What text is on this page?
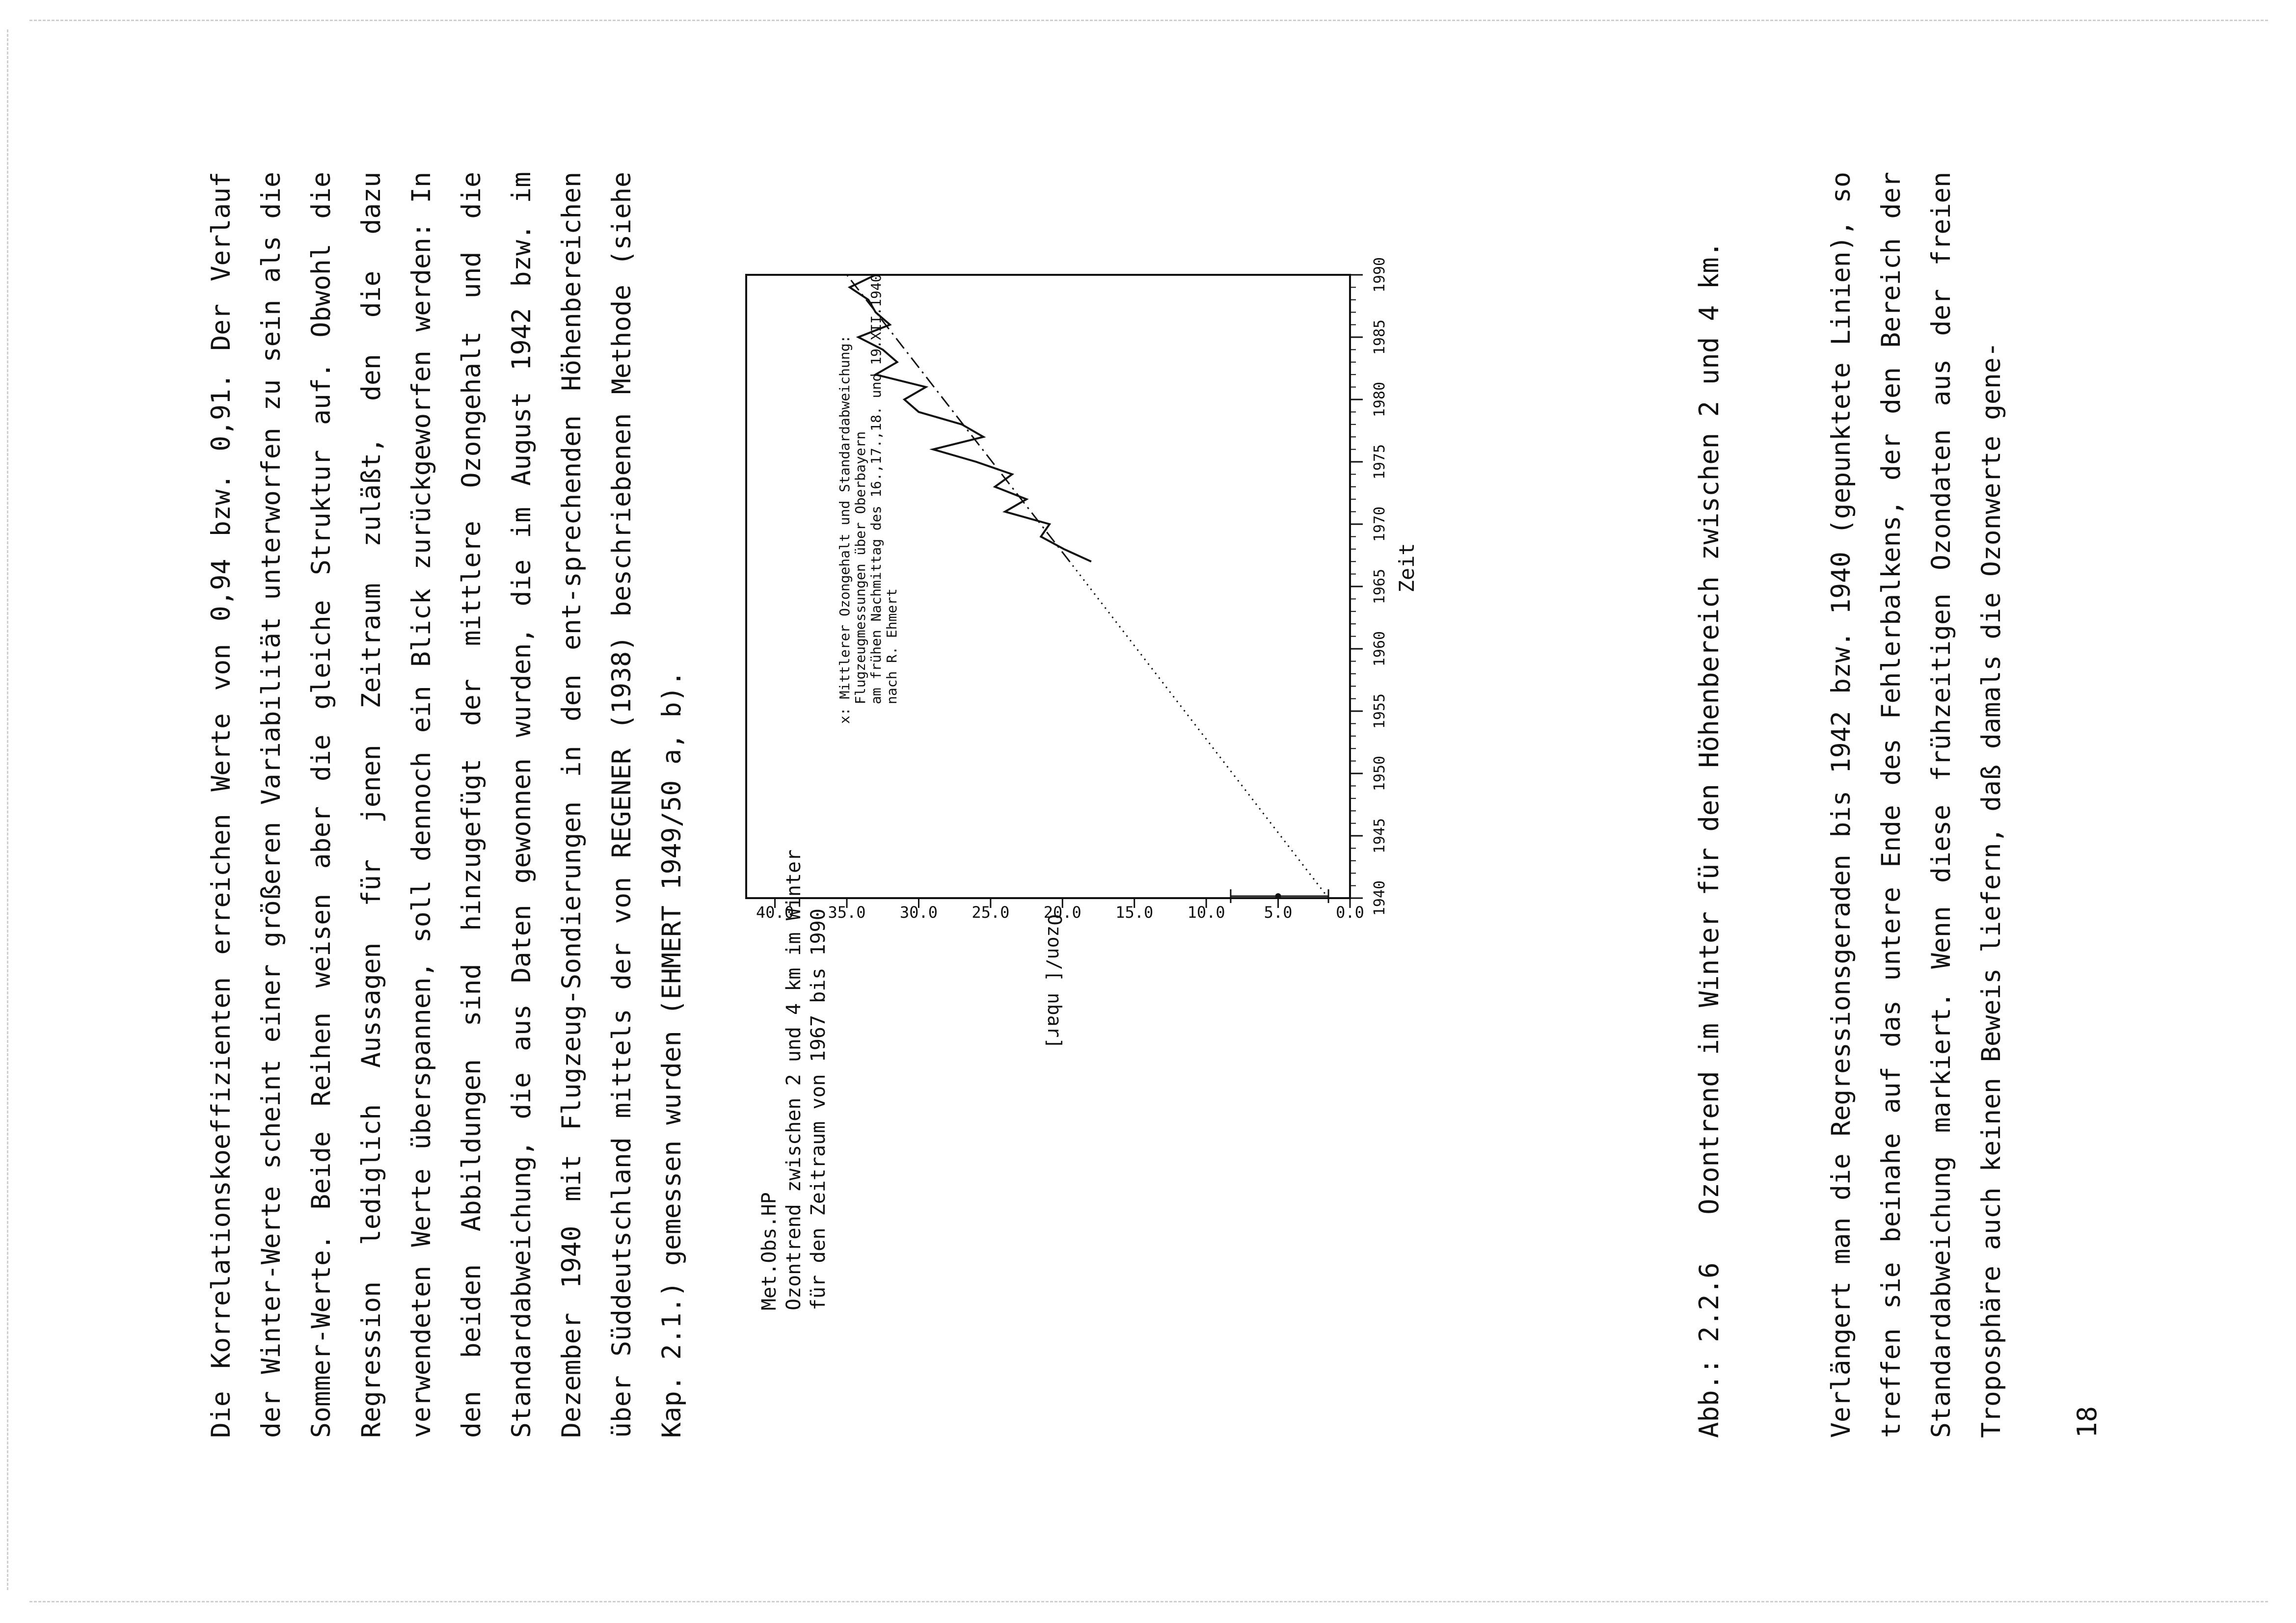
Die Korrelationskoeffizienten erreichen Werte von 0,94 bzw. 0,91. Der Verlauf der Winter-Werte scheint einer größeren Variabilität unterworfen zu sein als die Sommer-Werte. Beide Reihen weisen aber die gleiche Struktur auf. Obwohl die Regression lediglich Aussagen für jenen Zeitraum zuläßt, den die dazu verwendeten Werte überspannen, soll dennoch ein Blick zurückgeworfen werden: In den beiden Abbildungen sind hinzugefügt der mittlere Ozongehalt und die Standardabweichung, die aus Daten gewonnen wurden, die im August 1942 bzw. im Dezember 1940 mit Flugzeug-Sondierungen in den ent-sprechenden Höhenbereichen über Süddeutschland mittels der von REGENER (1938) beschriebenen Methode (siehe Kap. 2.1.) gemessen wurden (EHMERT 1949/50 a, b).	Met.Obs.HP Ozontrend zwischen 2 und 4 km im Winter für den Zeitraum von 1967 bis 1990
1940
1945
1950
1955
1960
1965
1970
1975
1980
1985
1990
Zeit
0.0
5.0
10.0
15.0
20.0
25.0
30.0
35.0
40.0
Ozon/[ nbar]
x: Mittlerer Ozongehalt und Standardabweichung: Flugzeugmessungen über Oberbayern am frühen Nachmittag des 16.,17.,18. und 19.XII.1940 nach R. Ehmert	Abb.: 2.2.6   Ozontrend im Winter für den Höhenbereich zwischen 2 und 4 km.	Verlängert man die Regressionsgeraden bis 1942 bzw. 1940 (gepunktete Linien), so treffen sie beinahe auf das untere Ende des Fehlerbalkens, der den Bereich der Standardabweichung markiert. Wenn diese frühzeitigen Ozondaten aus der freien Troposphäre auch keinen Beweis liefern, daß damals die Ozonwerte gene-	18
